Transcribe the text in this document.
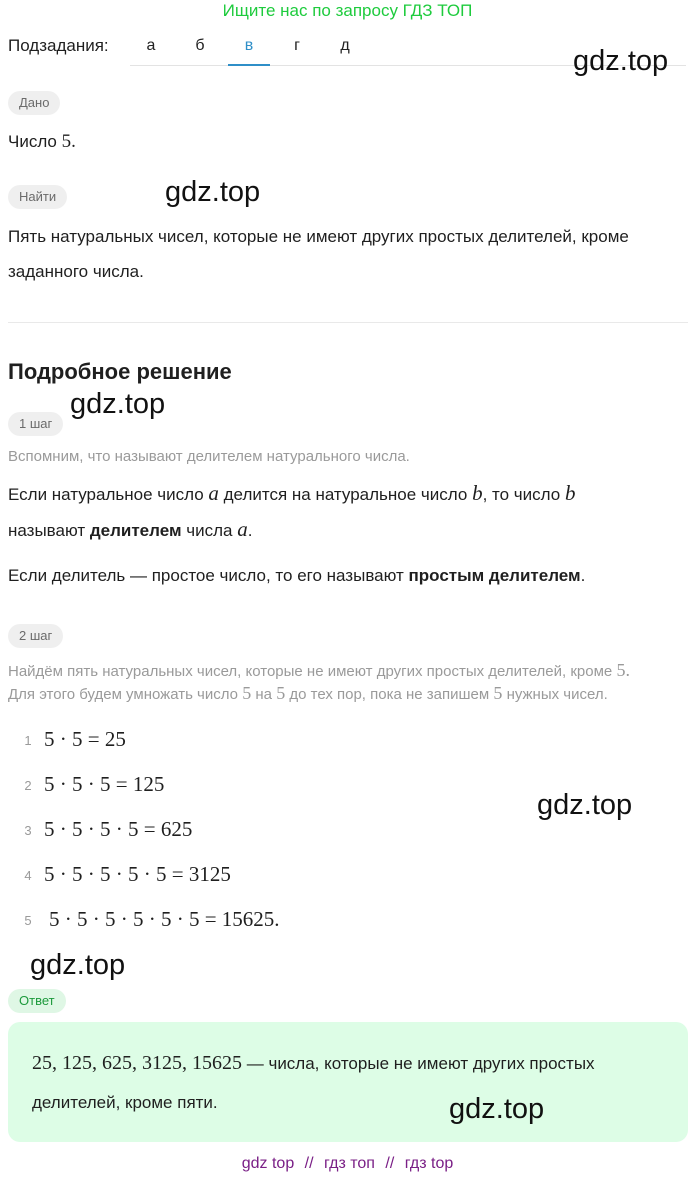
Ищите нас по запросу ГДЗ ТОП
Подзадания:	а	б	в	г	д
Дано
Число 5.
Найти
Пять натуральных чисел, которые не имеют других простых делителей, кроме
заданного числа.
Подробное решение
1 шаг
Вспомним, что называют делителем натурального числа.
Если натуральное число a делится на натуральное число b, то число b
называют делителем числа a.
Если делитель — простое число, то его называют простым делителем.
2 шаг
Найдём пять натуральных чисел, которые не имеют других простых делителей, кроме 5.
Для этого будем умножать число 5 на 5 до тех пор, пока не запишем 5 нужных чисел.
1 5 · 5 = 25
2 5 · 5 · 5 = 125
3 5 · 5 · 5 · 5 = 625
4 5 · 5 · 5 · 5 · 5 = 3125
5 5 · 5 · 5 · 5 · 5 · 5 = 15625.
Ответ
25, 125, 625, 3125, 15625 — числа, которые не имеют других простых
делителей, кроме пяти.
gdz.top
gdz.top
gdz.top
gdz.top
gdz.top
gdz.top
gdz top // гдз топ // гдз top
